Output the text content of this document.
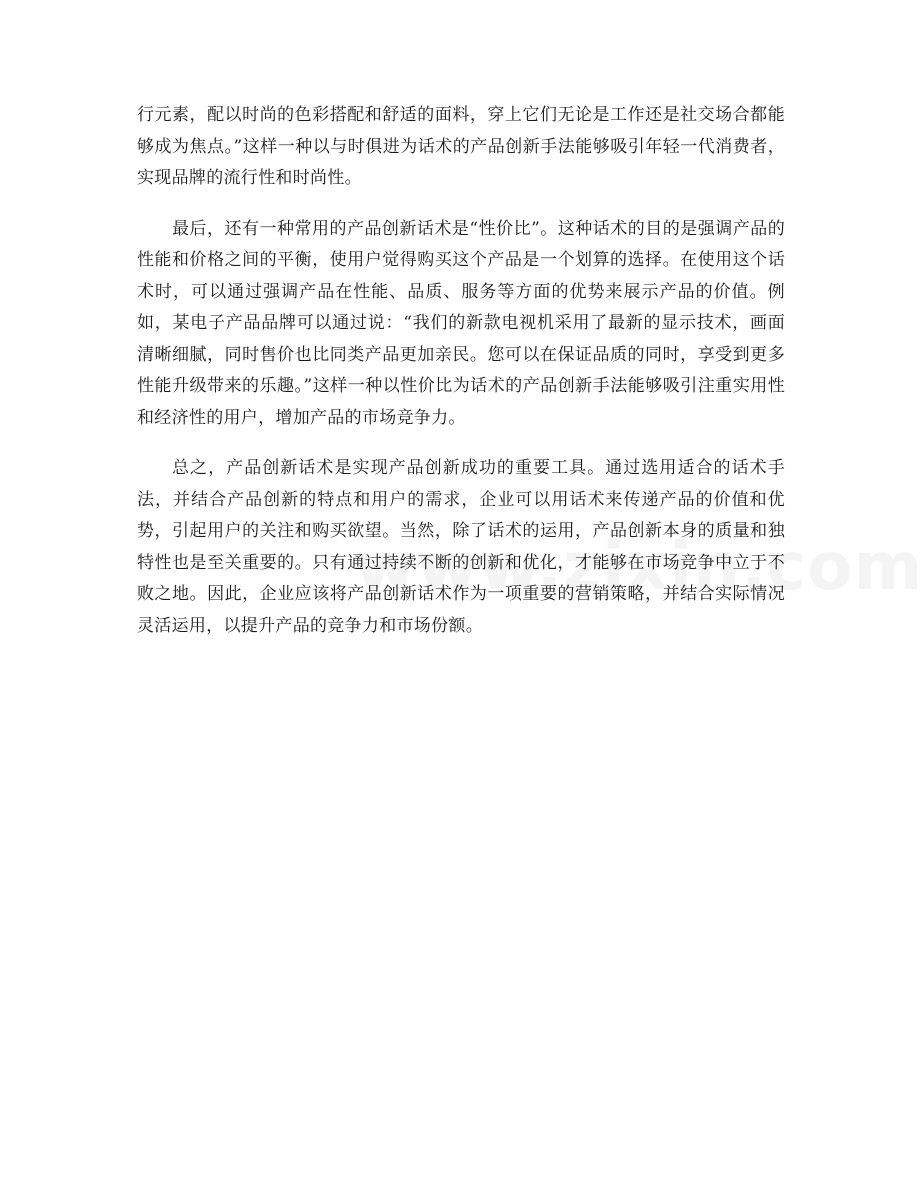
行元素，配以时尚的色彩搭配和舒适的面料，穿上它们无论是工作还是社交场合都能够成为焦点。”这样一种以与时俱进为话术的产品创新手法能够吸引年轻一代消费者，实现品牌的流行性和时尚性。

最后，还有一种常用的产品创新话术是“性价比”。这种话术的目的是强调产品的性能和价格之间的平衡，使用户觉得购买这个产品是一个划算的选择。在使用这个话术时，可以通过强调产品在性能、品质、服务等方面的优势来展示产品的价值。例如，某电子产品品牌可以通过说：“我们的新款电视机采用了最新的显示技术，画面清晰细腻，同时售价也比同类产品更加亲民。您可以在保证品质的同时，享受到更多性能升级带来的乐趣。”这样一种以性价比为话术的产品创新手法能够吸引注重实用性和经济性的用户，增加产品的市场竞争力。

总之，产品创新话术是实现产品创新成功的重要工具。通过选用适合的话术手法，并结合产品创新的特点和用户的需求，企业可以用话术来传递产品的价值和优势，引起用户的关注和购买欲望。当然，除了话术的运用，产品创新本身的质量和独特性也是至关重要的。只有通过持续不断的创新和优化，才能够在市场竞争中立于不败之地。因此，企业应该将产品创新话术作为一项重要的营销策略，并结合实际情况灵活运用，以提升产品的竞争力和市场份额。
